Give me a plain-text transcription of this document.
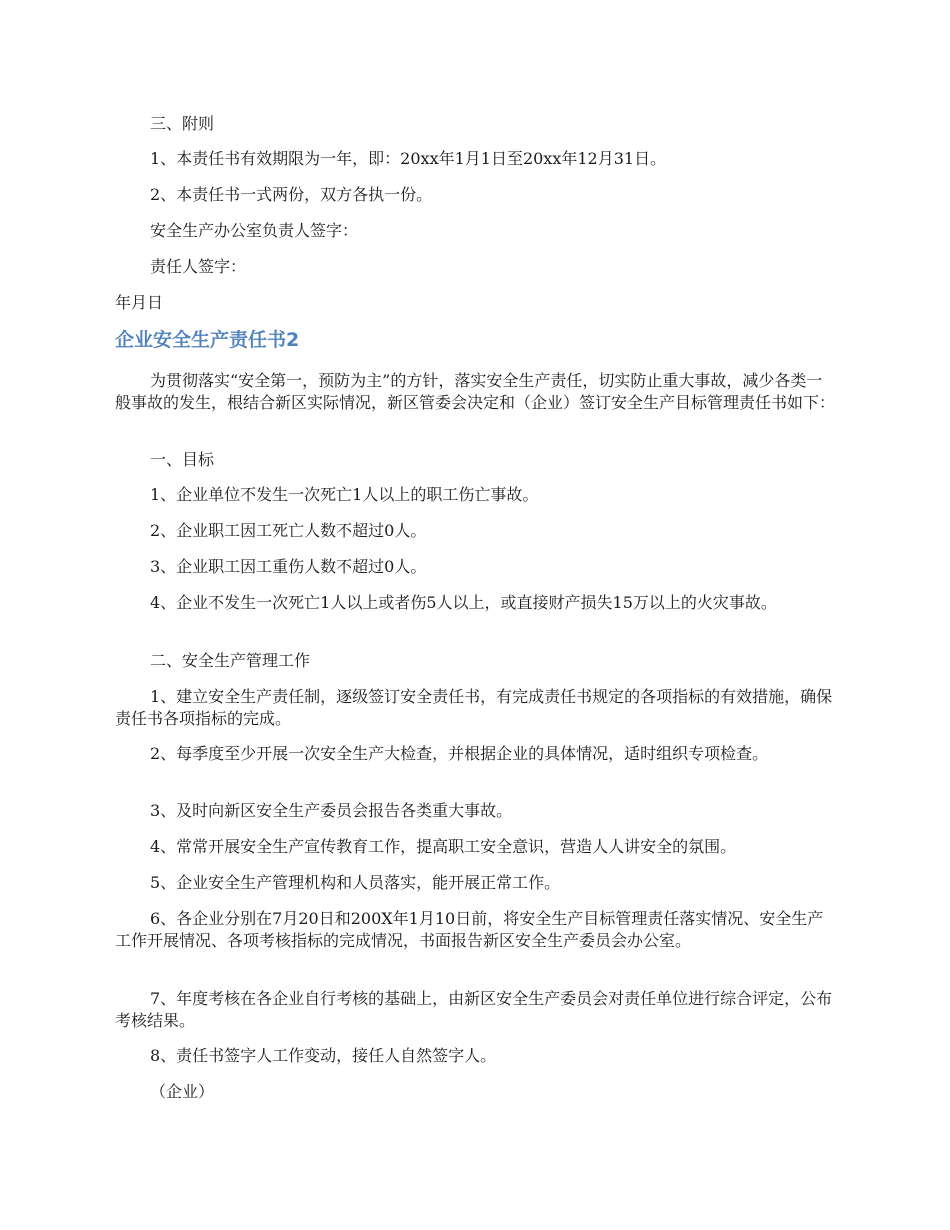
三、附则

1、本责任书有效期限为一年，即：20xx年1月1日至20xx年12月31日。

2、本责任书一式两份，双方各执一份。

安全生产办公室负责人签字：

责任人签字：

年月日

企业安全生产责任书2

为贯彻落实“安全第一，预防为主”的方针，落实安全生产责任，切实防止重大事故，减少各类一般事故的发生，根结合新区实际情况，新区管委会决定和（企业）签订安全生产目标管理责任书如下：

一、目标

1、企业单位不发生一次死亡1人以上的职工伤亡事故。

2、企业职工因工死亡人数不超过0人。

3、企业职工因工重伤人数不超过0人。

4、企业不发生一次死亡1人以上或者伤5人以上，或直接财产损失15万以上的火灾事故。

二、安全生产管理工作

1、建立安全生产责任制，逐级签订安全责任书，有完成责任书规定的各项指标的有效措施，确保责任书各项指标的完成。

2、每季度至少开展一次安全生产大检查，并根据企业的具体情况，适时组织专项检查。

3、及时向新区安全生产委员会报告各类重大事故。

4、常常开展安全生产宣传教育工作，提高职工安全意识，营造人人讲安全的氛围。

5、企业安全生产管理机构和人员落实，能开展正常工作。

6、各企业分别在7月20日和200X年1月10日前，将安全生产目标管理责任落实情况、安全生产工作开展情况、各项考核指标的完成情况，书面报告新区安全生产委员会办公室。

7、年度考核在各企业自行考核的基础上，由新区安全生产委员会对责任单位进行综合评定，公布考核结果。

8、责任书签字人工作变动，接任人自然签字人。

（企业）
